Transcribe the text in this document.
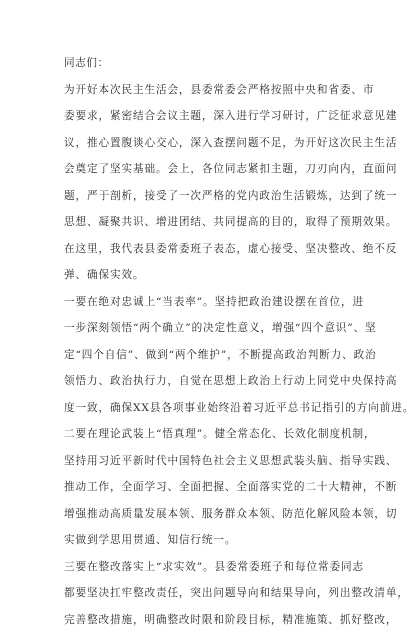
同志们：
为开好本次民主生活会，县委常委会严格按照中央和省委、市
委要求，紧密结合会议主题，深入进行学习研讨，广泛征求意见建
议，推心置腹谈心交心，深入查摆问题不足，为开好这次民主生活
会奠定了坚实基础。会上，各位同志紧扣主题，刀刃向内，直面问
题，严于剖析，接受了一次严格的党内政治生活锻炼，达到了统一
思想、凝聚共识、增进团结、共同提高的目的，取得了预期效果。
在这里，我代表县委常委班子表态，虚心接受、坚决整改、绝不反
弹、确保实效。
一要在绝对忠诚上“当表率”。坚持把政治建设摆在首位，进
一步深刻领悟“两个确立”的决定性意义，增强“四个意识”、坚
定“四个自信”、做到“两个维护”，不断提高政治判断力、政治
领悟力、政治执行力，自觉在思想上政治上行动上同党中央保持高
度一致，确保XX县各项事业始终沿着习近平总书记指引的方向前进。
二要在理论武装上“悟真理”。健全常态化、长效化制度机制，
坚持用习近平新时代中国特色社会主义思想武装头脑、指导实践、
推动工作，全面学习、全面把握、全面落实党的二十大精神，不断
增强推动高质量发展本领、服务群众本领、防范化解风险本领，切
实做到学思用贯通、知信行统一。
三要在整改落实上“求实效”。县委常委班子和每位常委同志
都要坚决扛牢整改责任，突出问题导向和结果导向，列出整改清单，
完善整改措施，明确整改时限和阶段目标，精准施策、抓好整改，
